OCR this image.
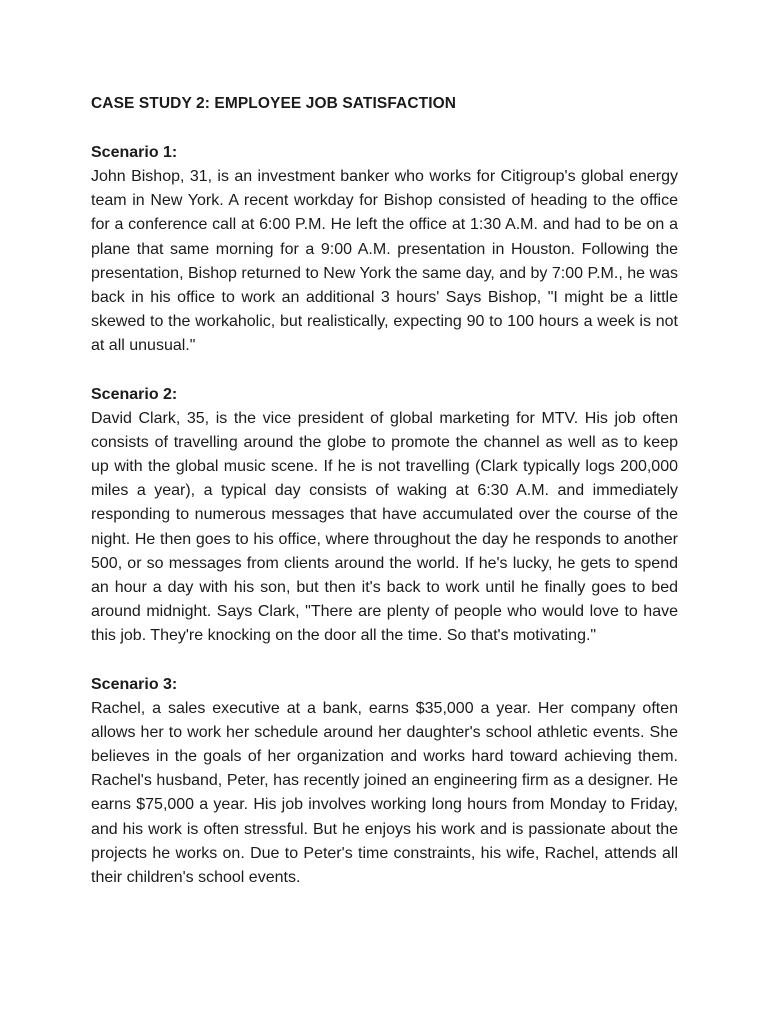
CASE STUDY 2: EMPLOYEE JOB SATISFACTION
Scenario 1:

John Bishop, 31, is an investment banker who works for Citigroup's global energy team in New York. A recent workday for Bishop consisted of heading to the office for a conference call at 6:00 P.M. He left the office at 1:30 A.M. and had to be on a plane that same morning for a 9:00 A.M. presentation in Houston. Following the presentation, Bishop returned to New York the same day, and by 7:00 P.M., he was back in his office to work an additional 3 hours' Says Bishop, "I might be a little skewed to the workaholic, but realistically, expecting 90 to 100 hours a week is not at all unusual."

Scenario 2:

David Clark, 35, is the vice president of global marketing for MTV. His job often consists of travelling around the globe to promote the channel as well as to keep up with the global music scene. If he is not travelling (Clark typically logs 200,000 miles a year), a typical day consists of waking at 6:30 A.M. and immediately responding to numerous messages that have accumulated over the course of the night. He then goes to his office, where throughout the day he responds to another 500, or so messages from clients around the world. If he's lucky, he gets to spend an hour a day with his son, but then it's back to work until he finally goes to bed around midnight. Says Clark, "There are plenty of people who would love to have this job. They're knocking on the door all the time. So that's motivating."

Scenario 3:

Rachel, a sales executive at a bank, earns $35,000 a year. Her company often allows her to work her schedule around her daughter's school athletic events. She believes in the goals of her organization and works hard toward achieving them. Rachel's husband, Peter, has recently joined an engineering firm as a designer. He earns $75,000 a year. His job involves working long hours from Monday to Friday, and his work is often stressful. But he enjoys his work and is passionate about the projects he works on. Due to Peter's time constraints, his wife, Rachel, attends all their children's school events.
